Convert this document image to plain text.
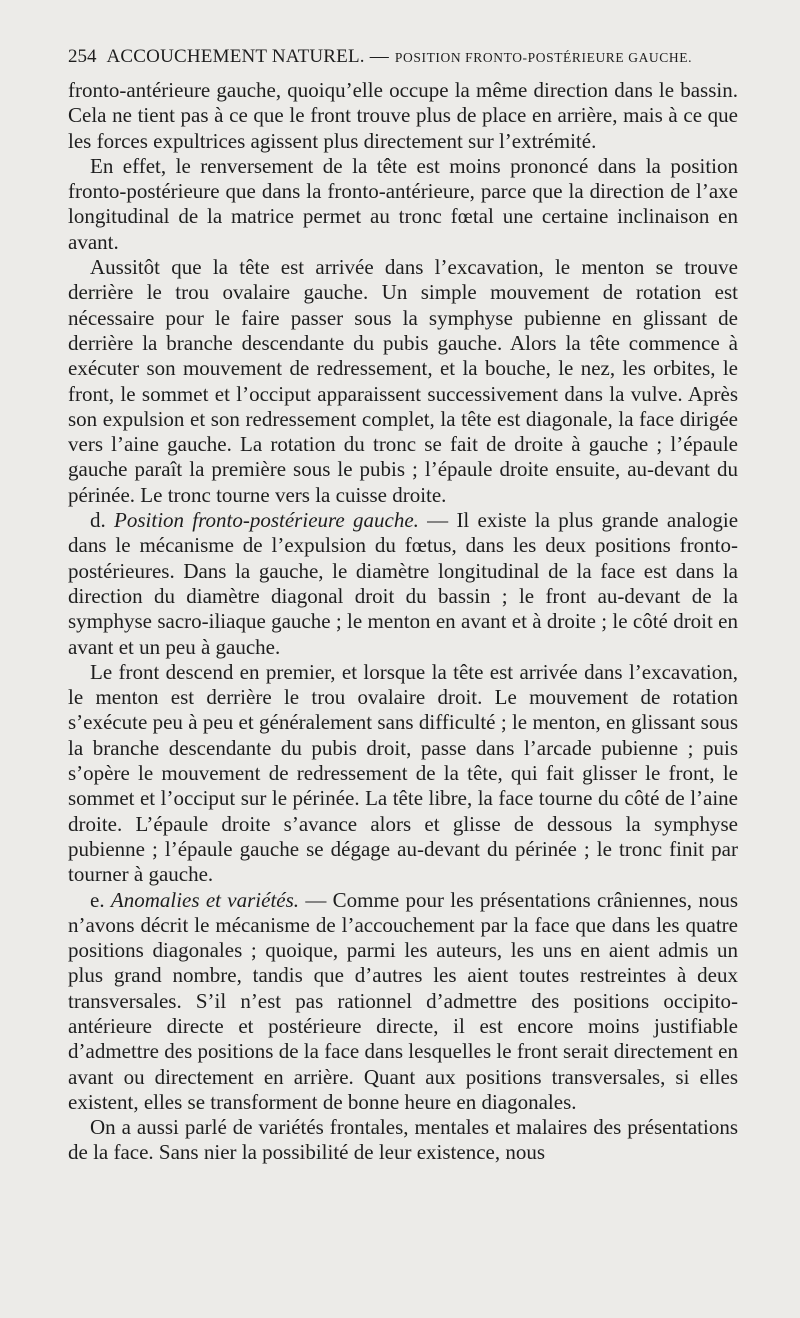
254 ACCOUCHEMENT NATUREL. — POSITION FRONTO-POSTÉRIEURE GAUCHE.

fronto-antérieure gauche, quoiqu’elle occupe la même direction dans le bassin. Cela ne tient pas à ce que le front trouve plus de place en arrière, mais à ce que les forces expultrices agissent plus directement sur l’extrémité.

En effet, le renversement de la tête est moins prononcé dans la position fronto-postérieure que dans la fronto-antérieure, parce que la direction de l’axe longitudinal de la matrice permet au tronc fœtal une certaine inclinaison en avant.

Aussitôt que la tête est arrivée dans l’excavation, le menton se trouve derrière le trou ovalaire gauche. Un simple mouvement de rotation est nécessaire pour le faire passer sous la symphyse pubienne en glissant de derrière la branche descendante du pubis gauche. Alors la tête commence à exécuter son mouvement de redressement, et la bouche, le nez, les orbites, le front, le sommet et l’occiput apparaissent successivement dans la vulve. Après son expulsion et son redressement complet, la tête est diagonale, la face dirigée vers l’aine gauche. La rotation du tronc se fait de droite à gauche ; l’épaule gauche paraît la première sous le pubis ; l’épaule droite ensuite, au-devant du périnée. Le tronc tourne vers la cuisse droite.

d. Position fronto-postérieure gauche. — Il existe la plus grande analogie dans le mécanisme de l’expulsion du fœtus, dans les deux positions fronto-postérieures. Dans la gauche, le diamètre longitudinal de la face est dans la direction du diamètre diagonal droit du bassin ; le front au-devant de la symphyse sacro-iliaque gauche ; le menton en avant et à droite ; le côté droit en avant et un peu à gauche.

Le front descend en premier, et lorsque la tête est arrivée dans l’excavation, le menton est derrière le trou ovalaire droit. Le mouvement de rotation s’exécute peu à peu et généralement sans difficulté ; le menton, en glissant sous la branche descendante du pubis droit, passe dans l’arcade pubienne ; puis s’opère le mouvement de redressement de la tête, qui fait glisser le front, le sommet et l’occiput sur le périnée. La tête libre, la face tourne du côté de l’aine droite. L’épaule droite s’avance alors et glisse de dessous la symphyse pubienne ; l’épaule gauche se dégage au-devant du périnée ; le tronc finit par tourner à gauche.

e. Anomalies et variétés. — Comme pour les présentations crâniennes, nous n’avons décrit le mécanisme de l’accouchement par la face que dans les quatre positions diagonales ; quoique, parmi les auteurs, les uns en aient admis un plus grand nombre, tandis que d’autres les aient toutes restreintes à deux transversales. S’il n’est pas rationnel d’admettre des positions occipito-antérieure directe et postérieure directe, il est encore moins justifiable d’admettre des positions de la face dans lesquelles le front serait directement en avant ou directement en arrière. Quant aux positions transversales, si elles existent, elles se transforment de bonne heure en diagonales.

On a aussi parlé de variétés frontales, mentales et malaires des présentations de la face. Sans nier la possibilité de leur existence, nous
